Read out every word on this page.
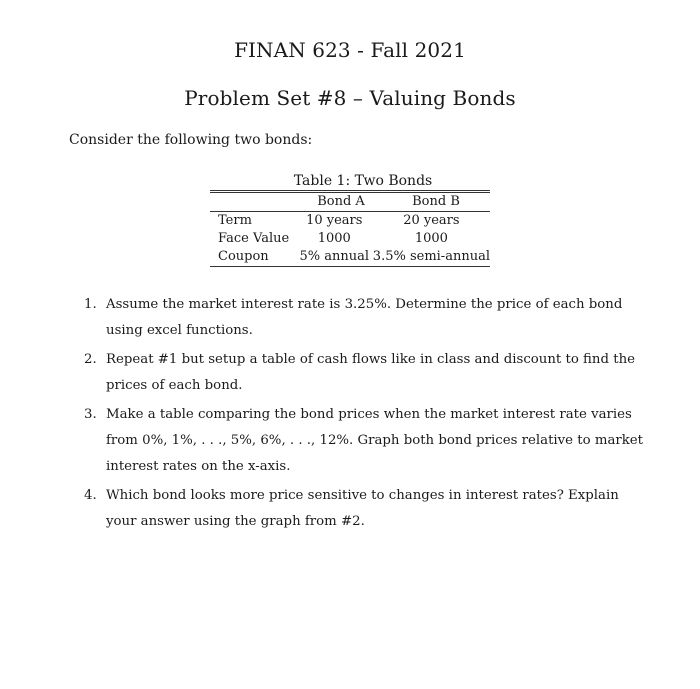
FINAN 623 - Fall 2021
Problem Set #8 – Valuing Bonds
Consider the following two bonds:
Table 1: Two Bonds
	Bond A	Bond B
Term	10 years	20 years
Face Value	1000	1000
Coupon	5% annual	3.5% semi-annual
1. Assume the market interest rate is 3.25%. Determine the price of each bond using excel functions.
2. Repeat #1 but setup a table of cash flows like in class and discount to find the prices of each bond.
3. Make a table comparing the bond prices when the market interest rate varies from 0%, 1%, . . ., 5%, 6%, . . ., 12%. Graph both bond prices relative to market interest rates on the x-axis.
4. Which bond looks more price sensitive to changes in interest rates? Explain your answer using the graph from #2.
